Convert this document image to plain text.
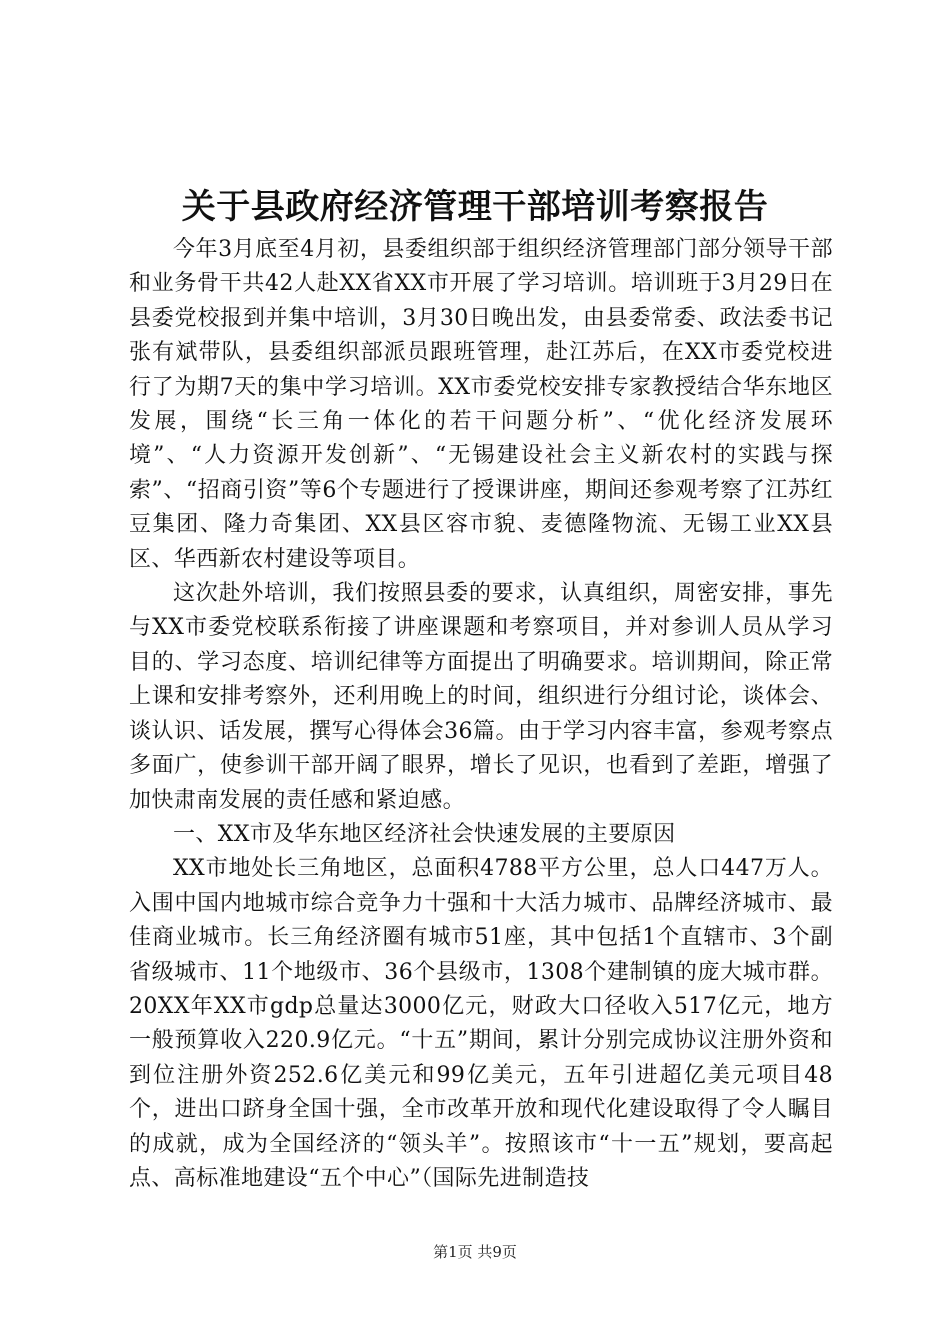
关于县政府经济管理干部培训考察报告

今年3月底至4月初，县委组织部于组织经济管理部门部分领导干部和业务骨干共42人赴XX省XX市开展了学习培训。培训班于3月29日在县委党校报到并集中培训，3月30日晚出发，由县委常委、政法委书记张有斌带队，县委组织部派员跟班管理，赴江苏后，在XX市委党校进行了为期7天的集中学习培训。XX市委党校安排专家教授结合华东地区发展，围绕“长三角一体化的若干问题分析”、“优化经济发展环境”、“人力资源开发创新”、“无锡建设社会主义新农村的实践与探索”、“招商引资”等6个专题进行了授课讲座，期间还参观考察了江苏红豆集团、隆力奇集团、XX县区容市貌、麦德隆物流、无锡工业XX县区、华西新农村建设等项目。

这次赴外培训，我们按照县委的要求，认真组织，周密安排，事先与XX市委党校联系衔接了讲座课题和考察项目，并对参训人员从学习目的、学习态度、培训纪律等方面提出了明确要求。培训期间，除正常上课和安排考察外，还利用晚上的时间，组织进行分组讨论，谈体会、谈认识、话发展，撰写心得体会36篇。由于学习内容丰富，参观考察点多面广，使参训干部开阔了眼界，增长了见识，也看到了差距，增强了加快肃南发展的责任感和紧迫感。

一、XX市及华东地区经济社会快速发展的主要原因

XX市地处长三角地区，总面积4788平方公里，总人口447万人。入围中国内地城市综合竞争力十强和十大活力城市、品牌经济城市、最佳商业城市。长三角经济圈有城市51座，其中包括1个直辖市、3个副省级城市、11个地级市、36个县级市，1308个建制镇的庞大城市群。20XX年XX市gdp总量达3000亿元，财政大口径收入517亿元，地方一般预算收入220.9亿元。“十五”期间，累计分别完成协议注册外资和到位注册外资252.6亿美元和99亿美元，五年引进超亿美元项目48个，进出口跻身全国十强，全市改革开放和现代化建设取得了令人瞩目的成就，成为全国经济的“领头羊”。按照该市“十一五”规划，要高起点、高标准地建设“五个中心”（国际先进制造技

第1页 共9页
